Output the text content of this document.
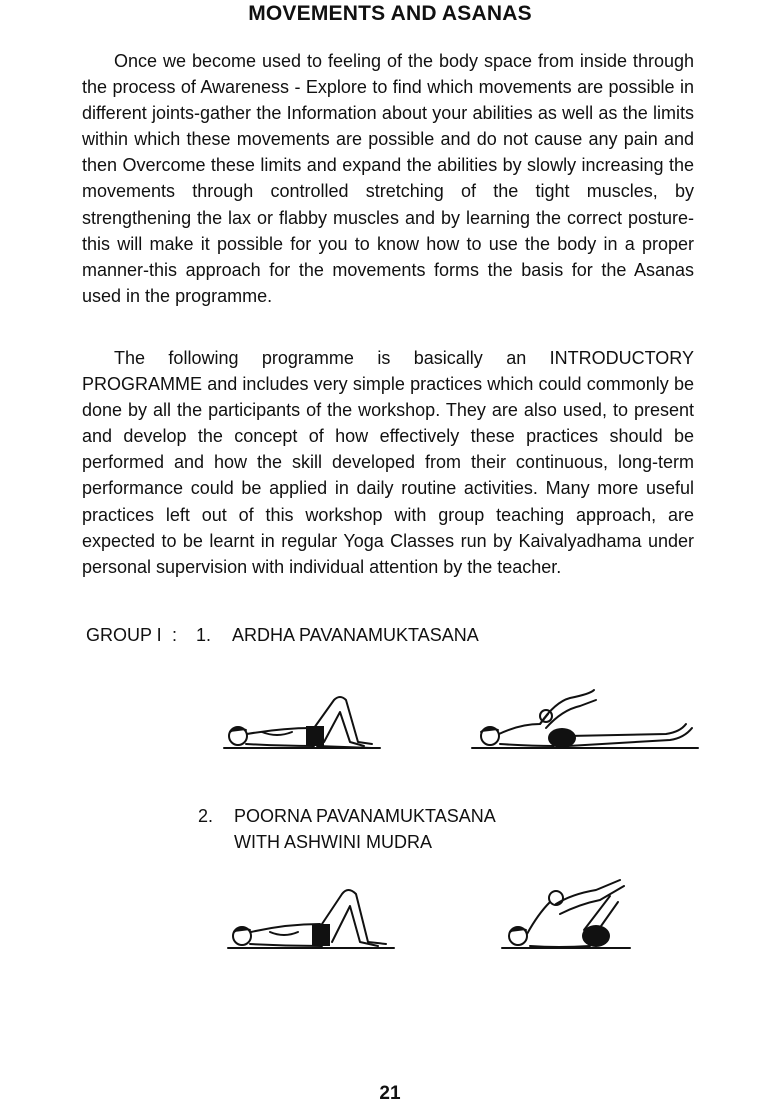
MOVEMENTS AND ASANAS

Once we become used to feeling of the body space from inside through the process of Awareness - Explore to find which movements are possible in different joints-gather the Information about your abilities as well as the limits within which these movements are possible and do not cause any pain and then Overcome these limits and expand the abilities by slowly increasing the movements through controlled stretching of the tight muscles, by strengthening the lax or flabby muscles and by learning the correct posture-this will make it possible for you to know how to use the body in a proper manner-this approach for the movements forms the basis for the Asanas used in the programme.

The following programme is basically an INTRODUCTORY PROGRAMME and includes very simple practices which could commonly be done by all the participants of the workshop. They are also used, to present and develop the concept of how effectively these practices should be performed and how the skill developed from their continuous, long-term performance could be applied in daily routine activities. Many more useful practices left out of this workshop with group teaching approach, are expected to be learnt in regular Yoga Classes run by Kaivalyadhama under personal supervision with individual attention by the teacher.

GROUP I : 1. ARDHA PAVANAMUKTASANA
2. POORNA PAVANAMUKTASANA
WITH ASHWINI MUDRA
21
